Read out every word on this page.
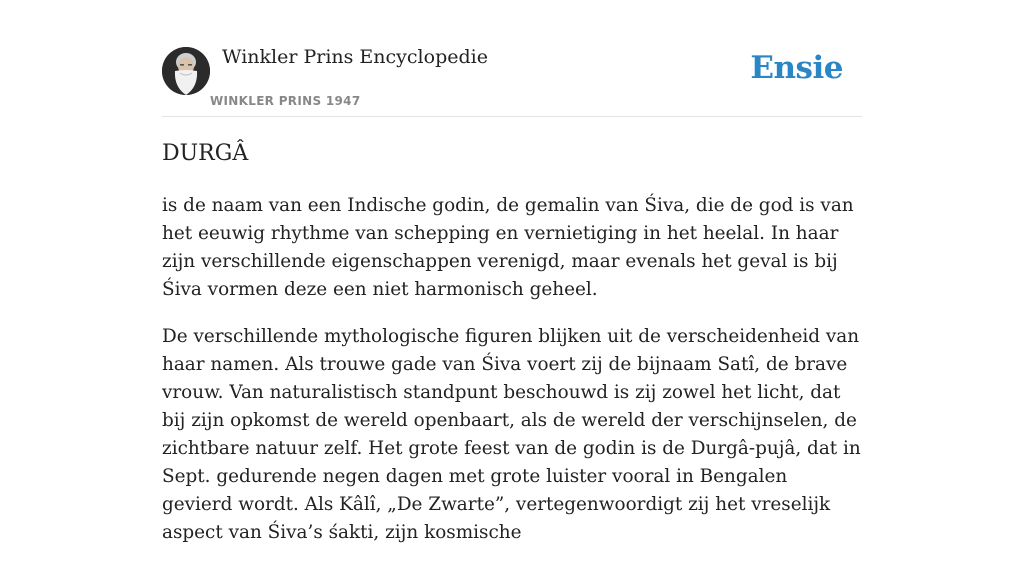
Winkler Prins Encyclopedie
WINKLER PRINS 1947
Ensie
DURGÂ

is de naam van een Indische godin, de gemalin van Śiva, die de god is van het eeuwig rhythme van schepping en vernietiging in het heelal. In haar zijn verschillende eigenschappen verenigd, maar evenals het geval is bij Śiva vormen deze een niet harmonisch geheel.

De verschillende mythologische figuren blijken uit de verscheidenheid van haar namen. Als trouwe gade van Śiva voert zij de bijnaam Satî, de brave vrouw. Van naturalistisch standpunt beschouwd is zij zowel het licht, dat bij zijn opkomst de wereld openbaart, als de wereld der verschijnselen, de zichtbare natuur zelf. Het grote feest van de godin is de Durgâ-pujâ, dat in Sept. gedurende negen dagen met grote luister vooral in Bengalen gevierd wordt. Als Kâlî, „De Zwarte”, vertegenwoordigt zij het vreselijk aspect van Śiva’s śakti, zijn kosmische
